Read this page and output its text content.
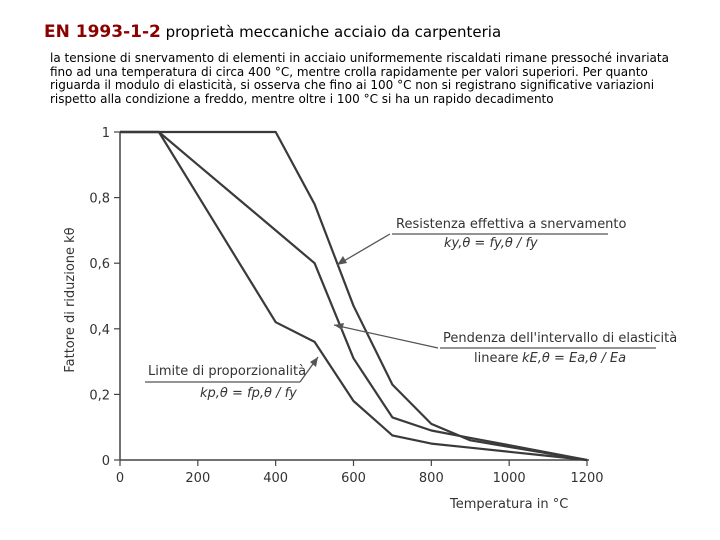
EN 1993-1-2 proprietà meccaniche acciaio da carpenteria
la tensione di snervamento di elementi in acciaio uniformemente riscaldati rimane pressoché invariata
fino ad una temperatura di circa 400 °C, mentre crolla rapidamente per valori superiori. Per quanto
riguarda il modulo di elasticità, si osserva che fino ai 100 °C non si registrano significative variazioni
rispetto alla condizione a freddo, mentre oltre i 100 °C si ha un rapido decadimento
0	200	400	600	800	1000	1200
0
0,2
0,4
0,6
0,8
1
Temperatura in °C
Fattore di riduzione kθ
Resistenza effettiva a snervamento
ky,θ = fy,θ / fy
Pendenza dell'intervallo di elasticità
lineare kE,θ = Ea,θ / Ea
Limite di proporzionalità
kp,θ = fp,θ / fy
